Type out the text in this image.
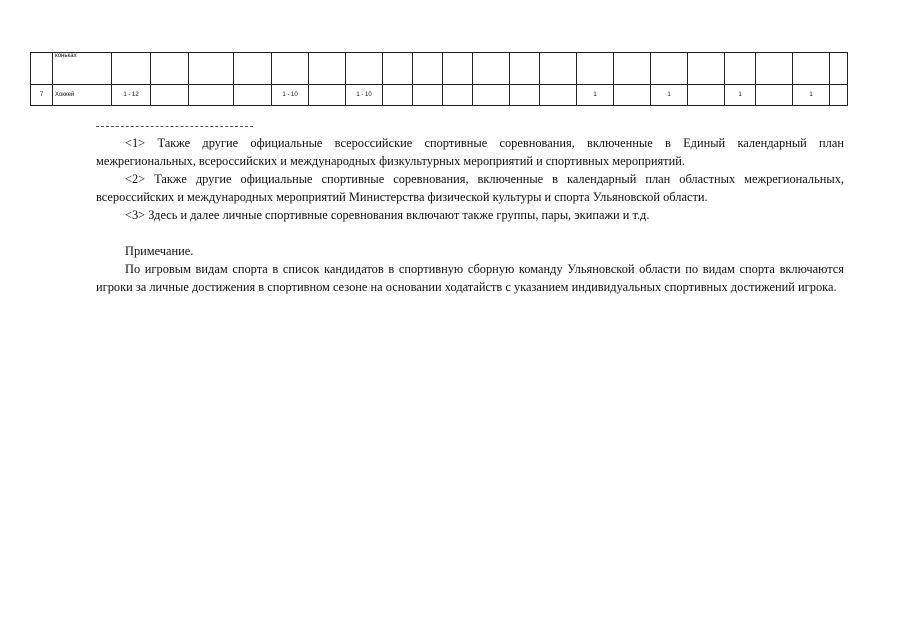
	коньках																					
7	Хоккей	1 - 12				1 - 10		1 - 10							1		1		1		1	

<1> Также другие официальные всероссийские спортивные соревнования, включенные в Единый календарный план межрегиональных, всероссийских и международных физкультурных мероприятий и спортивных мероприятий.

<2> Также другие официальные спортивные соревнования, включенные в календарный план областных межрегиональных, всероссийских и международных мероприятий Министерства физической культуры и спорта Ульяновской области.

<3> Здесь и далее личные спортивные соревнования включают также группы, пары, экипажи и т.д.

Примечание.

По игровым видам спорта в список кандидатов в спортивную сборную команду Ульяновской области по видам спорта включаются игроки за личные достижения в спортивном сезоне на основании ходатайств с указанием индивидуальных спортивных достижений игрока.
